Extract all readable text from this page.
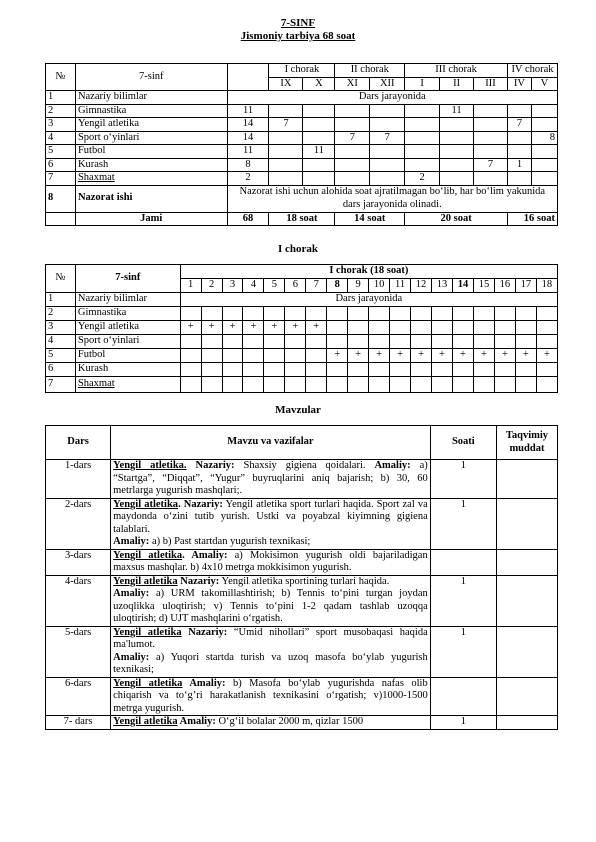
7-SINF
Jismoniy tarbiya 68 soat
№	7-sinf		I chorak		II chorak		III chorak			IV chorak	
			IX	X	XI	XII	I	II	III	IV	V
1	Nazariy bilimlar	Dars jarayonida									
2	Gimnastika	11						11			
3	Yengil atletika	14	7							7	
4	Sport o‘yinlari	14			7	7					8
5	Futbol	11		11							
6	Kurash	8							7	1	
7	Shaxmat	2					2				
8	Nazorat ishi	Nazorat ishi uchun alohida soat ajratilmagan bo‘lib, har bo‘lim yakunida dars jarayonida olinadi.									
	Jami	68	18 soat		14 soat		20 soat			16 soat	
I chorak
№	7-sinf	I chorak (18 soat)																	
		1	2	3	4	5	6	7	8	9	10	11	12	13	14	15	16	17	18
1	Nazariy bilimlar	Dars jarayonida																	
2	Gimnastika																		
3	Yengil atletika	+	+	+	+	+	+	+											
4	Sport o‘yinlari																		
5	Futbol								+	+	+	+	+	+	+	+	+	+	+
6	Kurash																		
7	Shaxmat																		
Mavzular
Dars	Mavzu va vazifalar	Soati	Taqvimiy muddat
1-dars	Yengil atletika. Nazariy: Shaxsiy gigiena qoidalari. Amaliy: a) “Startga”, “Diqqat”, “Yugur” buyruqlarini aniq bajarish; b) 30, 60 metrlarga yugurish mashqlari;.	1	
2-dars	Yengil atletika. Nazariy: Yengil atletika sport turlari haqida. Sport zal va maydonda o‘zini tutib yurish. Ustki va poyabzal kiyimning gigiena talablari.
Amaliy: a) b) Past startdan yugurish texnikasi;	1	
3-dars	Yengil atletika. Amaliy: a) Mokisimon yugurish oldi bajariladigan maxsus mashqlar. b) 4x10 metrga mokkisimon yugurish.		
4-dars	Yengil atletika Nazariy: Yengil atletika sportining turlari haqida.
Amaliy: a) URM takomillashtirish; b) Tennis to‘pini turgan joydan uzoqlikka uloqtirish; v) Tennis to‘pini 1-2 qadam tashlab uzoqqa uloqtirish; d) UJT mashqlarini o‘rgatish.	1	
5-dars	Yengil atletika Nazariy: “Umid nihollari” sport musobaqasi haqida ma'lumot.
Amaliy: a) Yuqori startda turish va uzoq masofa bo‘ylab yugurish texnikasi;	1	
6-dars	Yengil atletika Amaliy: b) Masofa bo‘ylab yugurishda nafas olib chiqarish va to‘g’ri harakatlanish texnikasini o‘rgatish; v)1000-1500 metrga yugurish.		
7- dars	Yengil atletika Amaliy: O‘g‘il bolalar 2000 m, qizlar 1500	1	
